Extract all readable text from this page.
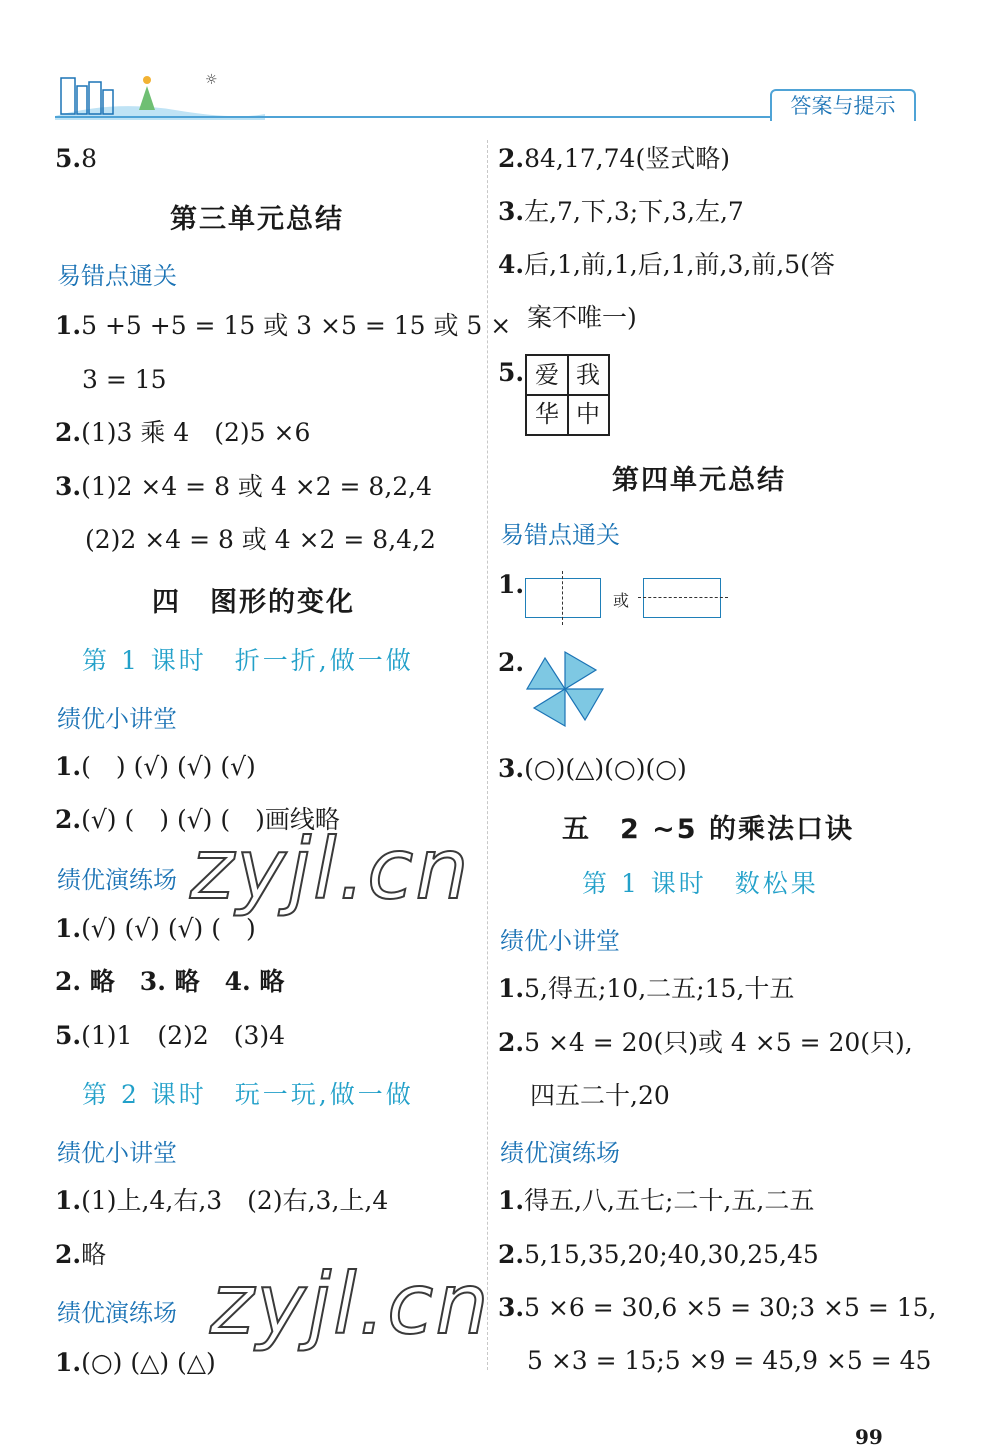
☼
答案与提示
5.8
第三单元总结
易错点通关
1.5 +5 +5 = 15 或 3 ×5 = 15 或 5 ×
3 = 15
2.(1)3 乘 4　(2)5 ×6
3.(1)2 ×4 = 8 或 4 ×2 = 8,2,4
(2)2 ×4 = 8 或 4 ×2 = 8,4,2
四　图形的变化
第 1 课时　折一折,做一做
绩优小讲堂
1.(　) (√) (√) (√)
2.(√) (　) (√) (　)画线略
绩优演练场
1.(√) (√) (√) (　)
2. 略　3. 略　4. 略
5.(1)1　(2)2　(3)4
第 2 课时　玩一玩,做一做
绩优小讲堂
1.(1)上,4,右,3　(2)右,3,上,4
2.略
绩优演练场
1.(○) (△) (△)
2.84,17,74(竖式略)
3.左,7,下,3;下,3,左,7
4.后,1,前,1,后,1,前,3,前,5(答
案不唯一)
5. 爱 我
华 中
第四单元总结
易错点通关
1.
或
2.
3.(○)(△)(○)(○)
五　2 ~5 的乘法口诀
第 1 课时　数松果
绩优小讲堂
1.5,得五;10,二五;15,十五
2.5 ×4 = 20(只)或 4 ×5 = 20(只),
四五二十,20
绩优演练场
1.得五,八,五七;二十,五,二五
2.5,15,35,20;40,30,25,45
3.5 ×6 = 30,6 ×5 = 30;3 ×5 = 15,
5 ×3 = 15;5 ×9 = 45,9 ×5 = 45
zyjl.cn
zyjl.cn
99
